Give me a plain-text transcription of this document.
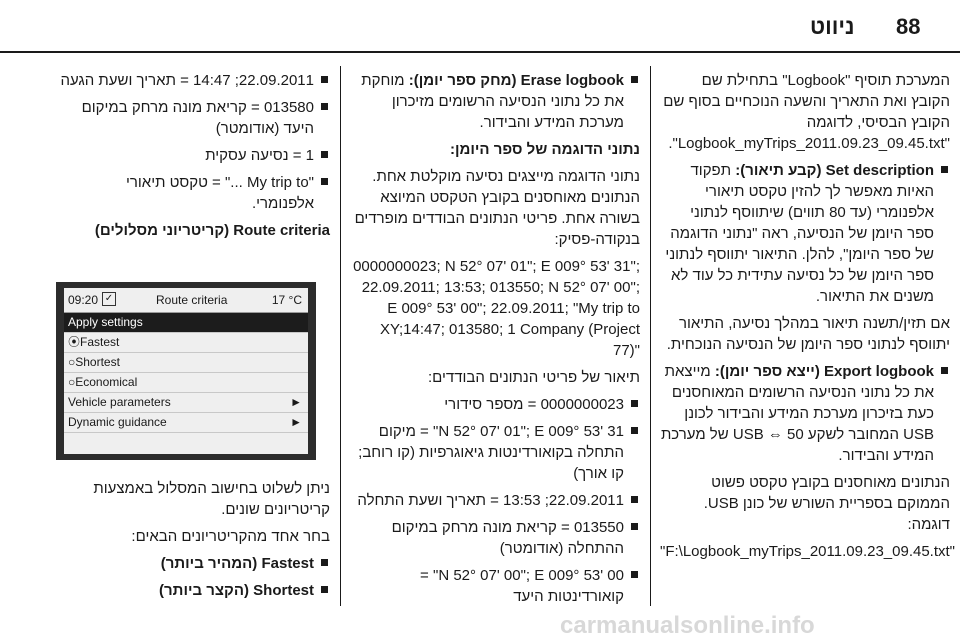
88
ניווט

המערכת תוסיף "Logbook" בתחילת שם הקובץ ואת התאריך והשעה הנוכחיים בסוף שם הקובץ הבסיסי, לדוגמה "Logbook_myTrips_2011.09.23_09.45.txt".

Set description (קבע תיאור): תפקוד האיות מאפשר לך להזין טקסט תיאורי אלפנומרי (עד 80 תווים) שיתווסף לנתוני ספר היומן של הנסיעה, ראה "נתוני הדוגמה של ספר היומן", להלן. התיאור יתווסף לנתוני ספר היומן של כל נסיעה עתידית כל עוד לא משנים את התיאור.

אם תזין/תשנה תיאור במהלך נסיעה, התיאור יתווסף לנתוני ספר היומן של הנסיעה הנוכחית.

Export logbook (ייצא ספר יומן): מייצאת את כל נתוני הנסיעה הרשומים המאוחסנים כעת בזיכרון מערכת המידע והבידור לכונן USB המחובר לשקע USB ⇔ 50 של מערכת המידע והבידור.

הנתונים מאוחסנים בקובץ טקסט פשוט הממוקם בספריית השורש של כונן USB. דוגמה:

"F:\Logbook_myTrips_2011.09.23_09.45.txt"

Erase logbook (מחק ספר יומן): מוחקת את כל נתוני הנסיעה הרשומים מזיכרון מערכת המידע והבידור.

נתוני הדוגמה של ספר היומן:

נתוני הדוגמה מייצגים נסיעה מוקלטת אחת. הנתונים מאוחסנים בקובץ הטקסט המיוצא בשורה אחת. פריטי הנתונים הבודדים מופרדים בנקודה-פסיק:

0000000023; N 52° 07' 01"; E 009° 53' 31"; 22.09.2011; 13:53; 013550; N 52° 07' 00"; E 009° 53' 00"; 22.09.2011; "My trip to XY;14:47; 013580; 1 Company (Project 77)"

תיאור של פריטי הנתונים הבודדים:

0000000023 = מספר סידורי

N 52° 07' 01"; E 009° 53' 31" = מיקום התחלה בקואורדינטות גיאוגרפיות (קו רוחב; קו אורך)

22.09.2011; 13:53 = תאריך ושעת התחלה

013550 = קריאת מונה מרחק במיקום ההתחלה (אודומטר)

N 52° 07' 00"; E 009° 53' 00" = קואורדינטות היעד

22.09.2011; 14:47 = תאריך ושעת הגעה

013580 = קריאת מונה מרחק במיקום היעד (אודומטר)

1 = נסיעה עסקית

"My trip to ..." = טקסט תיאורי אלפנומרי.

Route criteria (קריטריוני מסלולים)

09:20 ✓	Route criteria	17 °C
Apply settings
⦿Fastest
○Shortest
○Economical
Vehicle parameters	►
Dynamic guidance	►

ניתן לשלוט בחישוב המסלול באמצעות קריטריונים שונים.

בחר אחד מהקריטריונים הבאים:

Fastest (המהיר ביותר)

Shortest (הקצר ביותר)

carmanualsonline.info
